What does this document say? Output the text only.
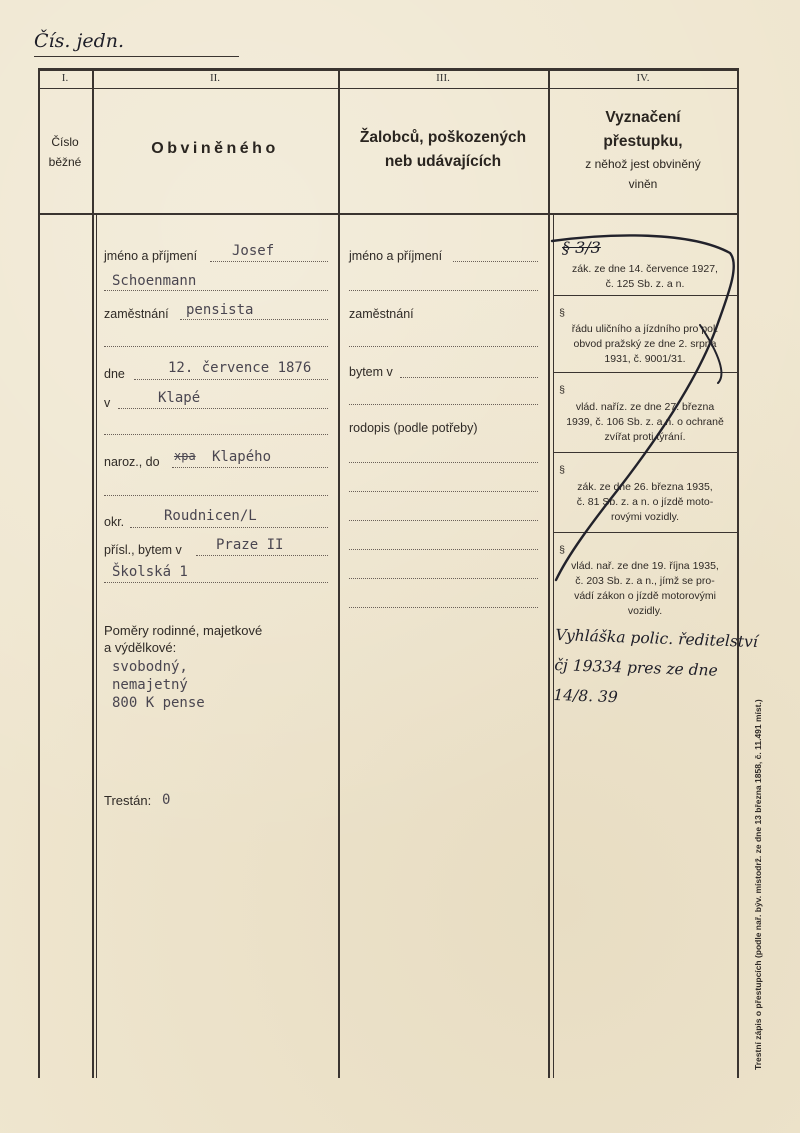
Čís. jedn.
I.	II.	III.	IV.
Číslo
běžné
Obviněného
Žalobců, poškozených
neb udávajících
Vyznačení
přestupku,
z něhož jest obviněný
viněn
jméno a příjmení Josef
Schoenmann
zaměstnání pensista
dne	12. července 1876
v	Klapé
naroz., do xpa Klapého
okr.	Roudnicen/L
přísl., bytem v Praze II
Školská 1
Poměry rodinné, majetkové
a výdělkové:
svobodný,
nemajetný
800 K pense
Trestán: 0
jméno a příjmení
zaměstnání
bytem v
rodopis (podle potřeby)
§ 3/3
zák. ze dne 14. července 1927,
č. 125 Sb. z. a n.
§
řádu uličního a jízdního pro pol.
obvod pražský ze dne 2. srpna
1931, č. 9001/31.
§
vlád. naříz. ze dne 27. března
1939, č. 106 Sb. z. a n. o ochraně
zvířat proti týrání.
§
zák. ze dne 26. března 1935,
č. 81 Sb. z. a n. o jízdě moto-
rovými vozidly.
§
vlád. nař. ze dne 19. října 1935,
č. 203 Sb. z. a n., jímž se pro-
vádí zákon o jízdě motorovými
vozidly.
Vyhláška polic. ředitelství
čj 19334 pres ze dne
14/8. 39
Trestní zápis o přestupcích (podle nař. býv. místodrž. ze dne 13 března 1858, č. 11.491 míst.)
